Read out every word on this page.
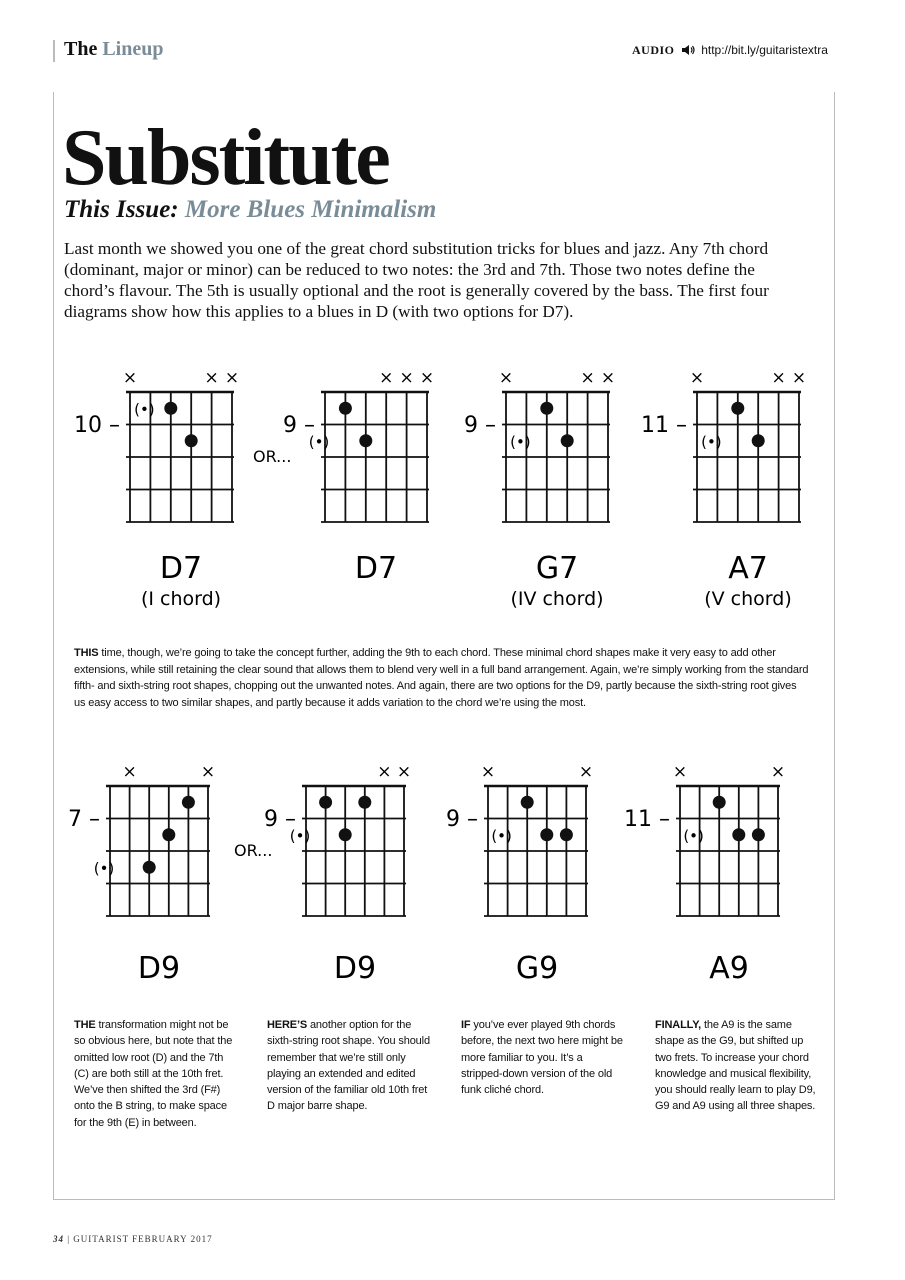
The Lineup	AUDIO http://bit.ly/guitaristextra
Substitute
This Issue: More Blues Minimalism
Last month we showed you one of the great chord substitution tricks for blues and jazz. Any 7th chord (dominant, major or minor) can be reduced to two notes: the 3rd and 7th. Those two notes define the chord’s flavour. The 5th is usually optional and the root is generally covered by the bass. The first four diagrams show how this applies to a blues in D (with two options for D7).
×	× ×
(•)
10 –
D7
(I chord)
× × ×
(•)
9 –
OR...
D7
×	× ×
(•)
9 –
G7
(IV chord)
×	× ×
(•)
11 –
A7
(V chord)
×	×
(•)
7 –
D9
× ×
(•)
9 –
OR...
D9
×	×
(•)
9 –
G9
×	×
(•)
11 –
A9
THIS time, though, we’re going to take the concept further, adding the 9th to each chord. These minimal chord shapes make it very easy to add other extensions, while still retaining the clear sound that allows them to blend very well in a full band arrangement. Again, we’re simply working from the standard fifth- and sixth-string root shapes, chopping out the unwanted notes. And again, there are two options for the D9, partly because the sixth-string root gives us easy access to two similar shapes, and partly because it adds variation to the chord we’re using the most.
THE transformation might not be so obvious here, but note that the omitted low root (D) and the 7th (C) are both still at the 10th fret. We’ve then shifted the 3rd (F#) onto the B string, to make space for the 9th (E) in between.
HERE’S another option for the sixth-string root shape. You should remember that we’re still only playing an extended and edited version of the familiar old 10th fret D major barre shape.
IF you’ve ever played 9th chords before, the next two here might be more familiar to you. It’s a stripped-down version of the old funk cliché chord.
FINALLY, the A9 is the same shape as the G9, but shifted up two frets. To increase your chord knowledge and musical flexibility, you should really learn to play D9, G9 and A9 using all three shapes.
34 | GUITARIST FEBRUARY 2017
